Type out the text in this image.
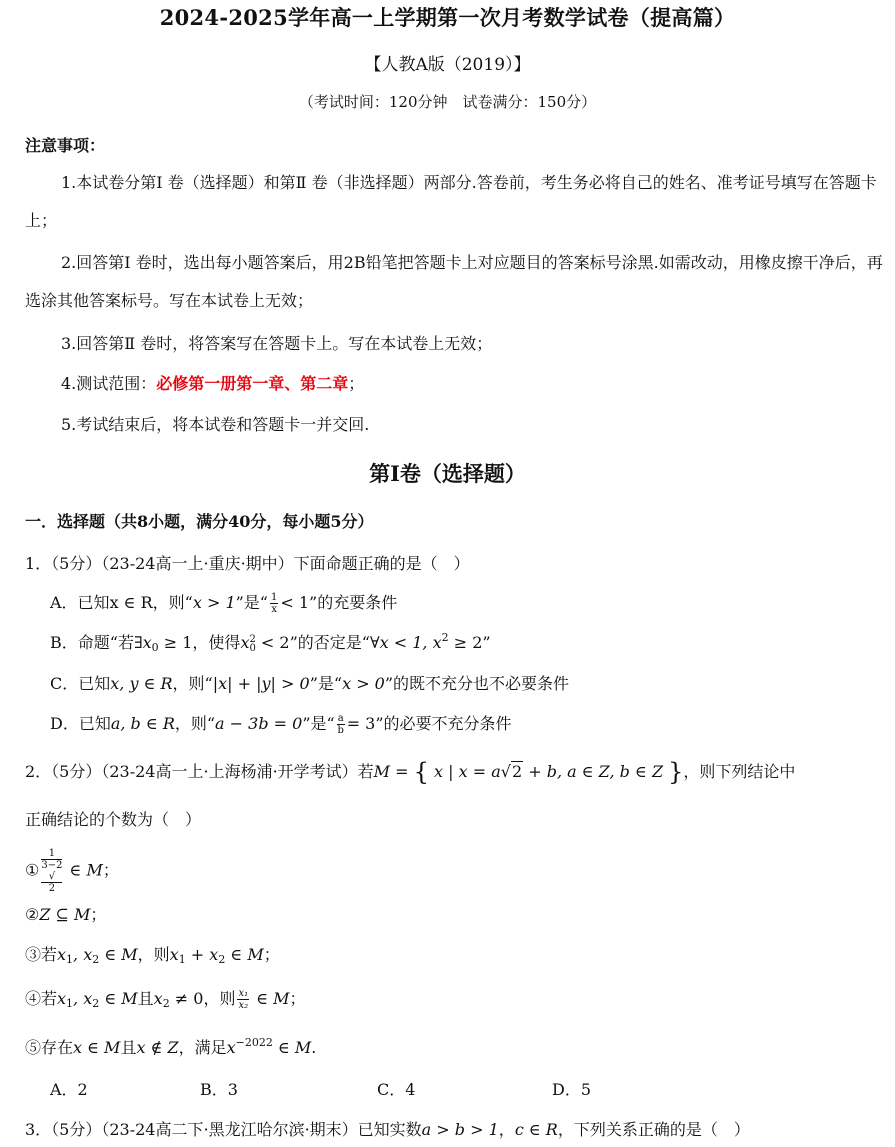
2024-2025学年高一上学期第一次月考数学试卷（提高篇）
【人教A版（2019）】
（考试时间：120分钟　试卷满分：150分）
注意事项：
1.本试卷分第Ⅰ 卷（选择题）和第Ⅱ 卷（非选择题）两部分.答卷前，考生务必将自己的姓名、准考证号填写在答题卡上；
2.回答第Ⅰ 卷时，选出每小题答案后，用2B铅笔把答题卡上对应题目的答案标号涂黑.如需改动，用橡皮擦干净后，再选涂其他答案标号。写在本试卷上无效；
3.回答第Ⅱ 卷时，将答案写在答题卡上。写在本试卷上无效；
4.测试范围：必修第一册第一章、第二章；
5.考试结束后，将本试卷和答题卡一并交回.
第Ⅰ卷（选择题）
一．选择题（共8小题，满分40分，每小题5分）
1．（5分）（23-24高一上·重庆·期中）下面命题正确的是（　）
A．已知x ∈ R，则“x > 1”是“ $\frac{1}{x} < 1$”的充要条件
B．命题“若$\exists x_0 \ge 1$，使得x 2
0 < 2”的否定是“∀x < 1, $x^2 \ge 2$”
C．已知x, y ∈ R，则“|x| + |y| > 0”是“x > 0”的既不充分也不必要条件
D．已知a, b ∈ R，则“a − 3b = 0”是“ $\frac{a}{b} = 3$”的必要不充分条件
2．（5分）（23-24高一上·上海杨浦·开学考试）若M = { x | x = a√2 + b, a ∈ Z, b ∈ Z }，则下列结论中
正确结论的个数为（　）
① 1
3−2
√
2 ∈ M；
②Z ⊆ M；
③若$x_1$, $x_2$ ∈ M，则$x_1 + x_2$ ∈ M；
④若$x_1$, $x_2$ ∈ M且$x_2 \ne 0$，则 $\frac{\text{x₁}}{\text{x₂}}$ ∈ M；
⑤存在x ∈ M且x ∉ Z，满足$x^{-2022}$ ∈ M.
A．2	B．3	C．4	D．5
3．（5分）（23-24高二下·黑龙江哈尔滨·期末）已知实数a > b > 1，c ∈ R，下列关系正确的是（　）
